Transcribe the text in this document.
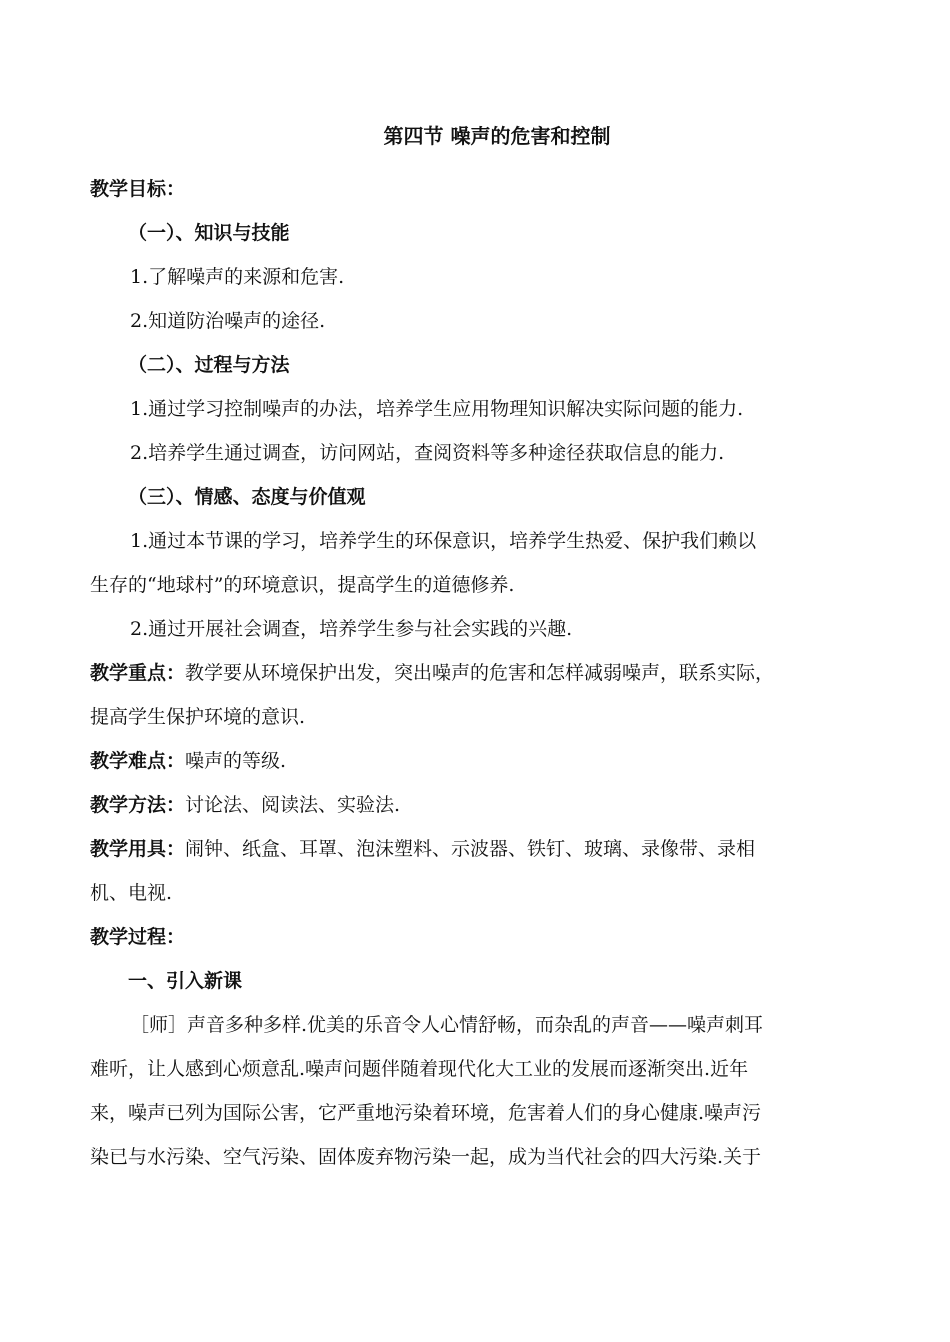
第四节 噪声的危害和控制
教学目标：
（一）、知识与技能
1.了解噪声的来源和危害.
2.知道防治噪声的途径.
（二）、过程与方法
1.通过学习控制噪声的办法，培养学生应用物理知识解决实际问题的能力.
2.培养学生通过调查，访问网站，查阅资料等多种途径获取信息的能力.
（三）、情感、态度与价值观
1.通过本节课的学习，培养学生的环保意识，培养学生热爱、保护我们赖以
生存的“地球村”的环境意识，提高学生的道德修养.
2.通过开展社会调查，培养学生参与社会实践的兴趣.
教学重点：教学要从环境保护出发，突出噪声的危害和怎样减弱噪声，联系实际，
提高学生保护环境的意识.
教学难点：噪声的等级.
教学方法：讨论法、阅读法、实验法.
教学用具：闹钟、纸盒、耳罩、泡沫塑料、示波器、铁钉、玻璃、录像带、录相
机、电视.
教学过程：
一、引入新课
［师］声音多种多样.优美的乐音令人心情舒畅，而杂乱的声音——噪声刺耳
难听，让人感到心烦意乱.噪声问题伴随着现代化大工业的发展而逐渐突出.近年
来，噪声已列为国际公害，它严重地污染着环境，危害着人们的身心健康.噪声污
染已与水污染、空气污染、固体废弃物污染一起，成为当代社会的四大污染.关于
